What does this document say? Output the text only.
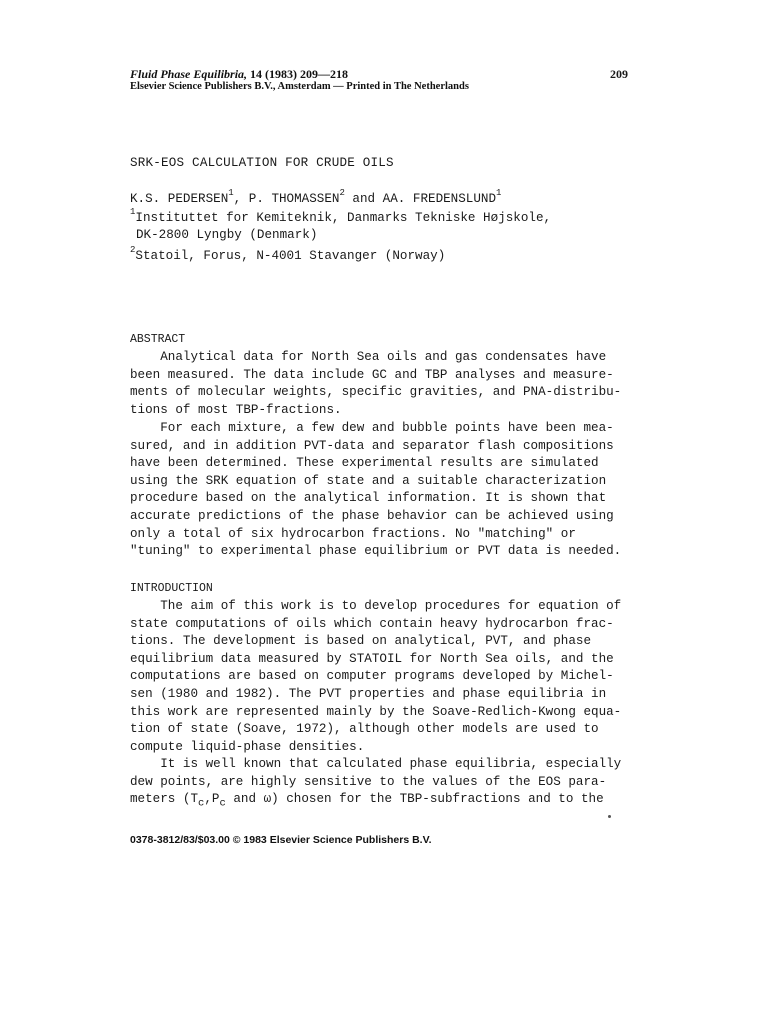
Fluid Phase Equilibria, 14 (1983) 209—218
Elsevier Science Publishers B.V., Amsterdam — Printed in The Netherlands
209
SRK-EOS CALCULATION FOR CRUDE OILS
K.S. PEDERSEN$^1$, P. THOMASSEN$^2$ and AA. FREDENSLUND$^1$
$^1$Instituttet for Kemiteknik, Danmarks Tekniske Højskole,
DK-2800 Lyngby (Denmark)
$^2$Statoil, Forus, N-4001 Stavanger (Norway)
ABSTRACT
Analytical data for North Sea oils and gas condensates have
been measured. The data include GC and TBP analyses and measure-
ments of molecular weights, specific gravities, and PNA-distribu-
tions of most TBP-fractions.
For each mixture, a few dew and bubble points have been mea-
sured, and in addition PVT-data and separator flash compositions
have been determined. These experimental results are simulated
using the SRK equation of state and a suitable characterization
procedure based on the analytical information. It is shown that
accurate predictions of the phase behavior can be achieved using
only a total of six hydrocarbon fractions. No "matching" or
"tuning" to experimental phase equilibrium or PVT data is needed.
INTRODUCTION
The aim of this work is to develop procedures for equation of
state computations of oils which contain heavy hydrocarbon frac-
tions. The development is based on analytical, PVT, and phase
equilibrium data measured by STATOIL for North Sea oils, and the
computations are based on computer programs developed by Michel-
sen (1980 and 1982). The PVT properties and phase equilibria in
this work are represented mainly by the Soave-Redlich-Kwong equa-
tion of state (Soave, 1972), although other models are used to
compute liquid-phase densities.
It is well known that calculated phase equilibria, especially
dew points, are highly sensitive to the values of the EOS para-
meters ($T_c,P_c$ and ω) chosen for the TBP-subfractions and to the
0378-3812/83/$03.00 © 1983 Elsevier Science Publishers B.V.
